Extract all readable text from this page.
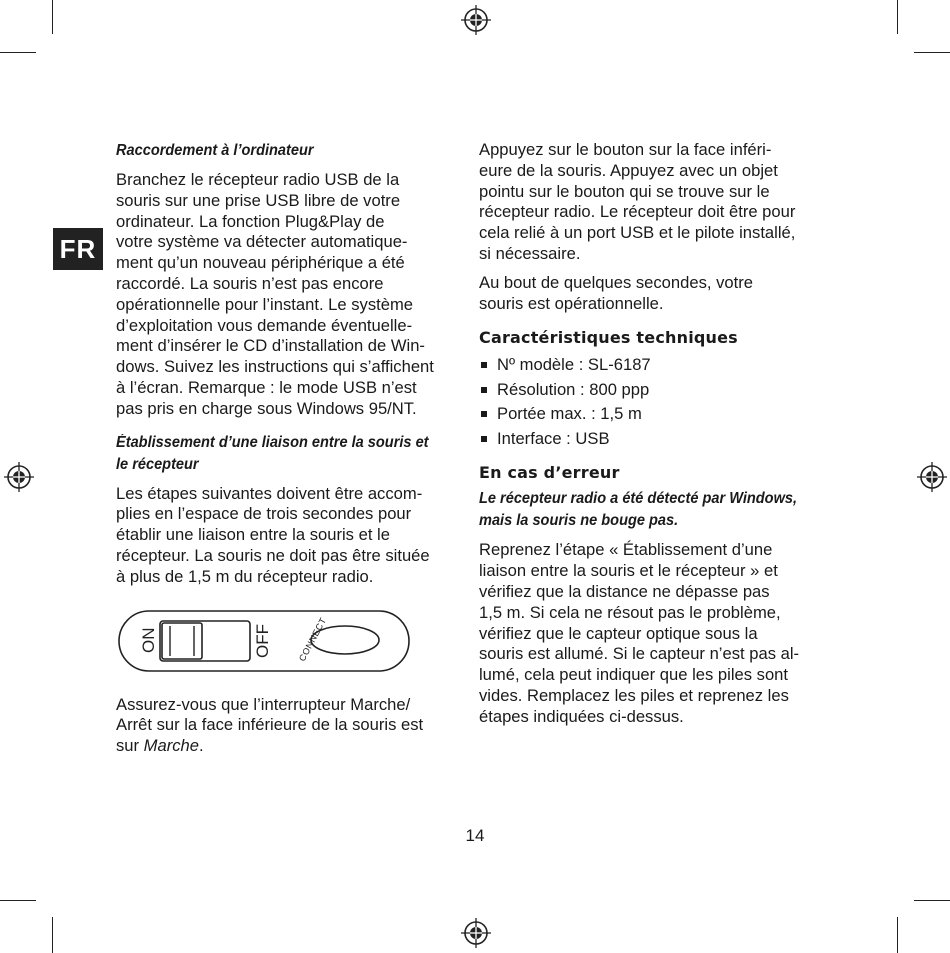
FR
Raccordement à l’ordinateur
Branchez le récepteur radio USB de la
souris sur une prise USB libre de votre
ordinateur. La fonction Plug&Play de
votre système va détecter automatique-
ment qu’un nouveau périphérique a été
raccordé. La souris n’est pas encore
opérationnelle pour l’instant. Le système
d’exploitation vous demande éventuelle-
ment d’insérer le CD d’installation de Win-
dows. Suivez les instructions qui s’affichent
à l’écran. Remarque : le mode USB n’est
pas pris en charge sous Windows 95/NT.
Établissement d’une liaison entre la souris et
le récepteur
Les étapes suivantes doivent être accom-
plies en l’espace de trois secondes pour
établir une liaison entre la souris et le
récepteur. La souris ne doit pas être située
à plus de 1,5 m du récepteur radio.
ON	OFF	CONNECT
Assurez-vous que l’interrupteur Marche/
Arrêt sur la face inférieure de la souris est
sur Marche.
Appuyez sur le bouton sur la face inféri-
eure de la souris. Appuyez avec un objet
pointu sur le bouton qui se trouve sur le
récepteur radio. Le récepteur doit être pour
cela relié à un port USB et le pilote installé,
si nécessaire.
Au bout de quelques secondes, votre
souris est opérationnelle.
Caractéristiques techniques
Nº modèle : SL-6187
Résolution : 800 ppp
Portée max. : 1,5 m
Interface : USB
En cas d’erreur
Le récepteur radio a été détecté par Windows,
mais la souris ne bouge pas.
Reprenez l’étape « Établissement d’une
liaison entre la souris et le récepteur » et
vérifiez que la distance ne dépasse pas
1,5 m. Si cela ne résout pas le problème,
vérifiez que le capteur optique sous la
souris est allumé. Si le capteur n’est pas al-
lumé, cela peut indiquer que les piles sont
vides. Remplacez les piles et reprenez les
étapes indiquées ci-dessus.
14
